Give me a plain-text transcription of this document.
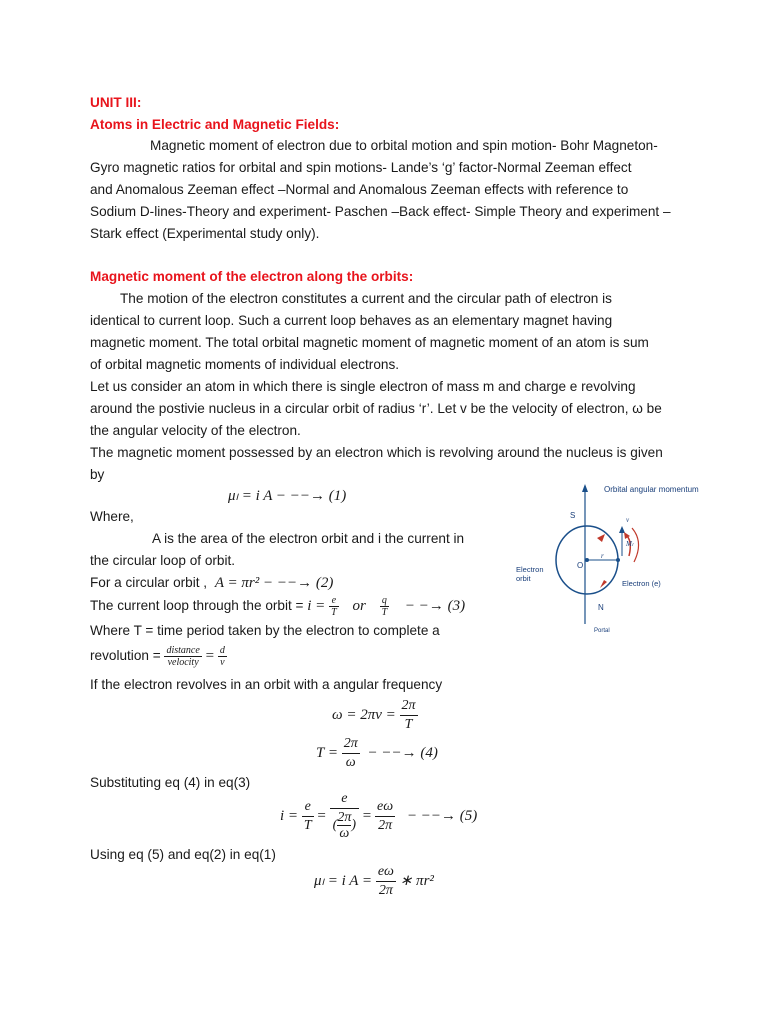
UNIT III:
Atoms in Electric and Magnetic Fields:
Magnetic moment of electron due to orbital motion and spin motion- Bohr Magneton-
Gyro magnetic ratios for orbital and spin motions- Lande’s ‘g’ factor-Normal Zeeman effect
and Anomalous Zeeman effect –Normal and Anomalous Zeeman effects with reference to
Sodium D-lines-Theory and experiment- Paschen –Back effect- Simple Theory and experiment –
Stark effect (Experimental study only).
Magnetic moment of the electron along the orbits:
The motion of the electron constitutes a current and the circular path of electron is
identical to current loop. Such a current loop behaves as an elementary magnet having
magnetic moment. The total orbital magnetic moment of magnetic moment of an atom is sum
of orbital magnetic moments of individual electrons.
Let us consider an atom in which there is single electron of mass m and charge e revolving
around the postivie nucleus in a circular orbit of radius ‘r’. Let v be the velocity of electron, ω be
the angular velocity of the electron.
The magnetic moment possessed by an electron which is revolving around the nucleus is given
by
μₗ = i A − −−→ (1)
Where,
A is the area of the electron orbit and i the current in
the circular loop of orbit.
For a circular orbit , A = πr² − −−→ (2)
The current loop through the orbit = $i = \frac{e}{T}$ or $\frac{q}{T}$ − −→ (3)
Where T = time period taken by the electron to complete a
revolution = $\frac{\text{distance}}{\text{velocity}} = \frac{d}{v}$
If the electron revolves in an orbit with a angular frequency
$\omega = 2\pi\nu = \frac{2\pi}{T}$
$T = \frac{2\pi}{\omega}$ − −−→ (4)
Substituting eq (4) in eq(3)
$i = \frac{e}{T} = \frac{e}{( \frac{2\pi}{\omega} )} = \frac{e\omega}{2\pi}$ − −−→ (5)
Using eq (5) and eq(2) in eq(1)
μₗ = i $A = \frac{e\omega}{2\pi}$ ∗ πr²
Orbital angular momentum
S
N
O
r
v
Mₗ
Electron
orbit
Electron (e)
Portal
